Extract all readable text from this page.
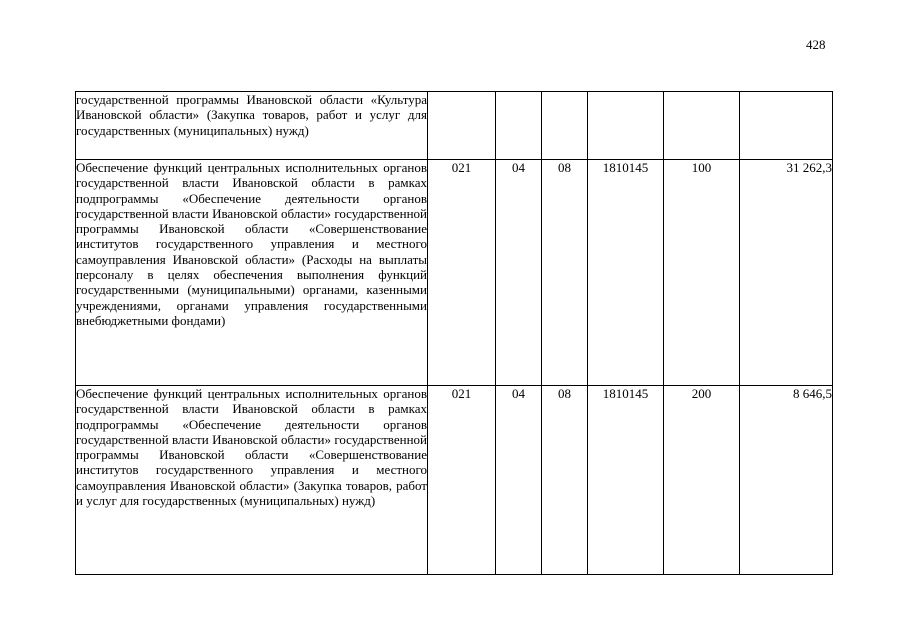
428
государственной программы Ивановской области «Культура Ивановской области» (Закупка товаров, работ и услуг для государственных (муниципальных) нужд)						
Обеспечение функций центральных исполнительных органов государственной власти Ивановской области в рамках подпрограммы «Обеспечение деятельности органов государственной власти Ивановской области» государственной программы Ивановской области «Совершенствование институтов государственного управления и местного самоуправления Ивановской области» (Расходы на выплаты персоналу в целях обеспечения выполнения функций государственными (муниципальными) органами, казенными учреждениями, органами управления государственными внебюджетными фондами)	021	04	08	1810145	100	31 262,3
Обеспечение функций центральных исполнительных органов государственной власти Ивановской области в рамках подпрограммы «Обеспечение деятельности органов государственной власти Ивановской области» государственной программы Ивановской области «Совершенствование институтов государственного управления и местного самоуправления Ивановской области» (Закупка товаров, работ и услуг для государственных (муниципальных) нужд)	021	04	08	1810145	200	8 646,5
